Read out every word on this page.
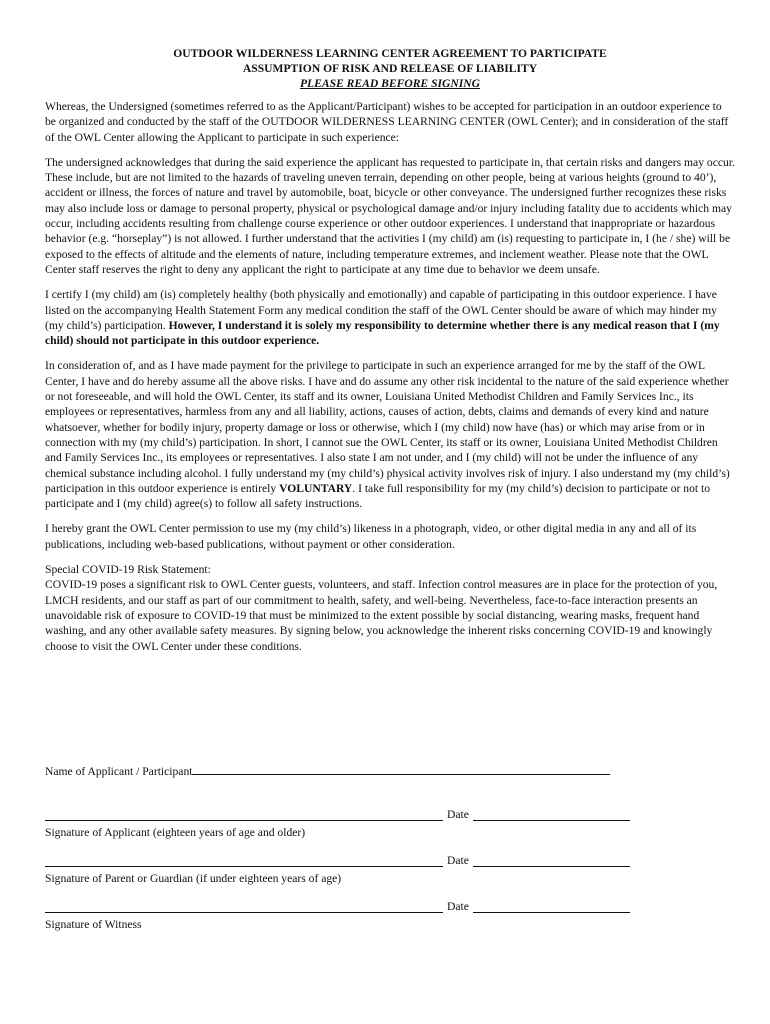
OUTDOOR WILDERNESS LEARNING CENTER AGREEMENT TO PARTICIPATE
ASSUMPTION OF RISK AND RELEASE OF LIABILITY
PLEASE READ BEFORE SIGNING

Whereas, the Undersigned (sometimes referred to as the Applicant/Participant) wishes to be accepted for participation in an outdoor experience to be organized and conducted by the staff of the OUTDOOR WILDERNESS LEARNING CENTER (OWL Center); and in consideration of the staff of the OWL Center allowing the Applicant to participate in such experience:

The undersigned acknowledges that during the said experience the applicant has requested to participate in, that certain risks and dangers may occur. These include, but are not limited to the hazards of traveling uneven terrain, depending on other people, being at various heights (ground to 40’), accident or illness, the forces of nature and travel by automobile, boat, bicycle or other conveyance. The undersigned further recognizes these risks may also include loss or damage to personal property, physical or psychological damage and/or injury including fatality due to accidents which may occur, including accidents resulting from challenge course experience or other outdoor experiences. I understand that inappropriate or hazardous behavior (e.g. “horseplay”) is not allowed. I further understand that the activities I (my child) am (is) requesting to participate in, I (he / she) will be exposed to the effects of altitude and the elements of nature, including temperature extremes, and inclement weather. Please note that the OWL Center staff reserves the right to deny any applicant the right to participate at any time due to behavior we deem unsafe.

I certify I (my child) am (is) completely healthy (both physically and emotionally) and capable of participating in this outdoor experience. I have listed on the accompanying Health Statement Form any medical condition the staff of the OWL Center should be aware of which may hinder my (my child’s) participation. However, I understand it is solely my responsibility to determine whether there is any medical reason that I (my child) should not participate in this outdoor experience.

In consideration of, and as I have made payment for the privilege to participate in such an experience arranged for me by the staff of the OWL Center, I have and do hereby assume all the above risks. I have and do assume any other risk incidental to the nature of the said experience whether or not foreseeable, and will hold the OWL Center, its staff and its owner, Louisiana United Methodist Children and Family Services Inc., its employees or representatives, harmless from any and all liability, actions, causes of action, debts, claims and demands of every kind and nature whatsoever, whether for bodily injury, property damage or loss or otherwise, which I (my child) now have (has) or which may arise from or in connection with my (my child’s) participation. In short, I cannot sue the OWL Center, its staff or its owner, Louisiana United Methodist Children and Family Services Inc., its employees or representatives. I also state I am not under, and I (my child) will not be under the influence of any chemical substance including alcohol. I fully understand my (my child’s) physical activity involves risk of injury. I also understand my (my child’s) participation in this outdoor experience is entirely VOLUNTARY. I take full responsibility for my (my child’s) decision to participate or not to participate and I (my child) agree(s) to follow all safety instructions.

I hereby grant the OWL Center permission to use my (my child’s) likeness in a photograph, video, or other digital media in any and all of its publications, including web-based publications, without payment or other consideration.

Special COVID-19 Risk Statement:

COVID-19 poses a significant risk to OWL Center guests, volunteers, and staff. Infection control measures are in place for the protection of you, LMCH residents, and our staff as part of our commitment to health, safety, and well-being. Nevertheless, face-to-face interaction presents an unavoidable risk of exposure to COVID-19 that must be minimized to the extent possible by social distancing, wearing masks, frequent hand washing, and any other available safety measures. By signing below, you acknowledge the inherent risks concerning COVID-19 and knowingly choose to visit the OWL Center under these conditions.

Name of Applicant / Participant
Date
Signature of Applicant (eighteen years of age and older)
Date
Signature of Parent or Guardian (if under eighteen years of age)
Date
Signature of Witness
